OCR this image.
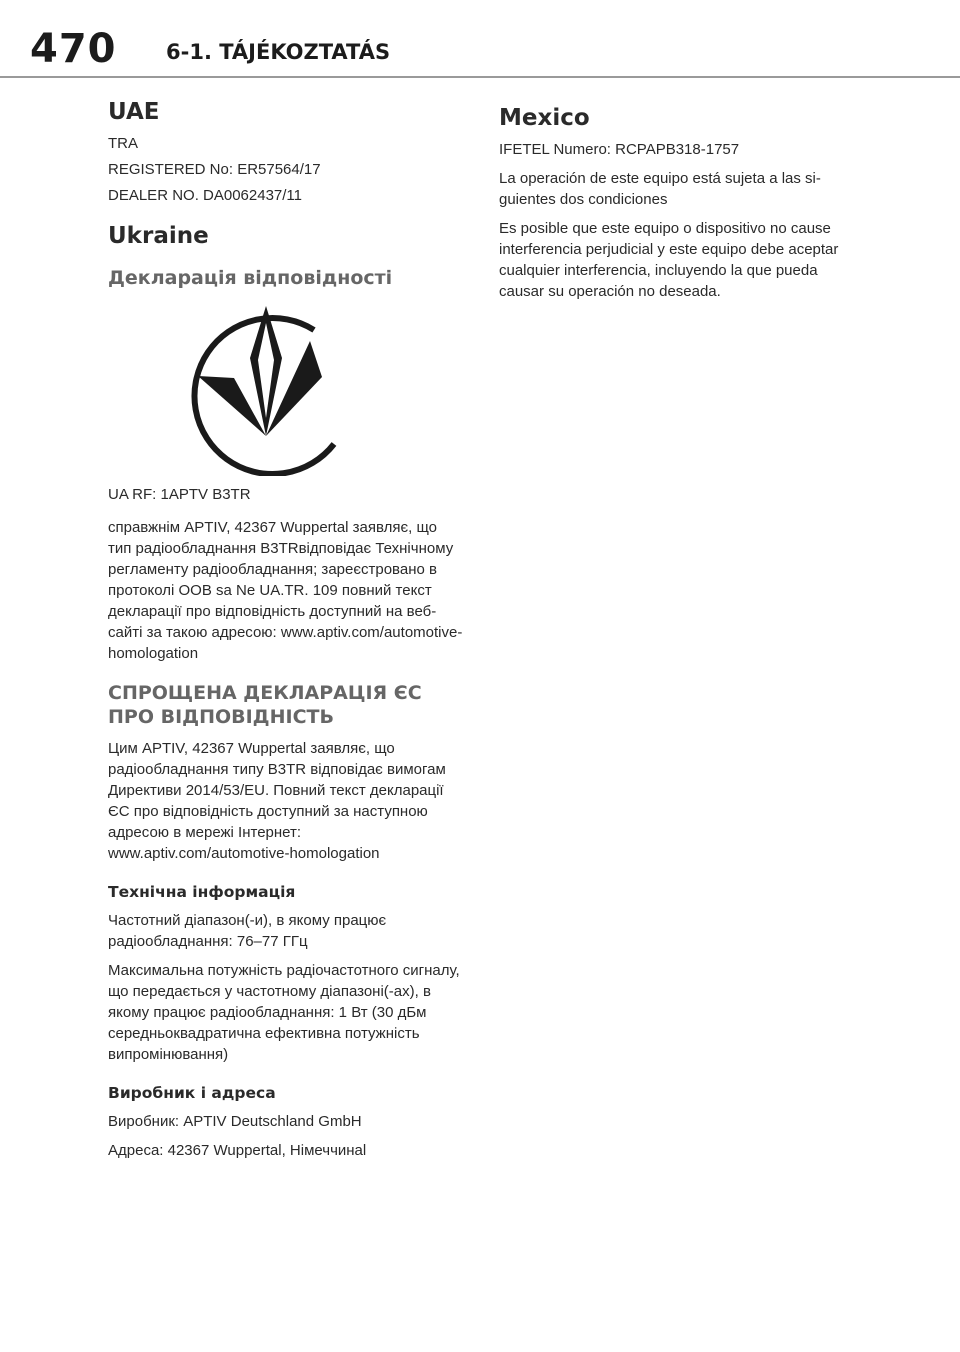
470 6-1. TÁJÉKOZTATÁS
UAE

TRA

REGISTERED No: ER57564/17

DEALER NO. DA0062437/11

Ukraine
Декларація відповідності

UA RF: 1APTV B3TR

справжнім APTIV, 42367 Wuppertal заявляє, що тип радіообладнання B3TRвідповідає Технічному регламенту радіообладнання; зареєстровано в протоколі OOB sa Ne UA.TR. 109 повний текст декларації про відповідність доступний на веб-сайті за такою адресою: www.aptiv.com/automotive-homologation

СПРОЩЕНА ДЕКЛАРАЦІЯ ЄС ПРО ВІДПОВІДНІСТЬ

Цим APTIV, 42367 Wuppertal заявляє, що радіообладнання типу B3TR відповідає вимогам Директиви 2014/53/EU. Повний текст декларації ЄС про відповідність доступний за наступною адресою в мережі Інтернет: www.aptiv.com/automotive-homologation

Технічна інформація

Частотний діапазон(-и), в якому працює радіообладнання: 76–77 ГГц

Максимальна потужність радіочастотного сигналу, що передається у частотному діапазоні(-ах), в якому працює радіообладнання: 1 Вт (30 дБм середньоквадратична ефективна потужність випромінювання)

Виробник і адреса

Виробник: APTIV Deutschland GmbH

Адреса: 42367 Wuppertal, Німеччинаl

Mexico

IFETEL Numero: RCPAPB318-1757

La operación de este equipo está sujeta a las si-guientes dos condiciones

Es posible que este equipo o dispositivo no cause interferencia perjudicial y este equipo debe aceptar cualquier interferencia, incluyendo la que pueda causar su operación no deseada.
